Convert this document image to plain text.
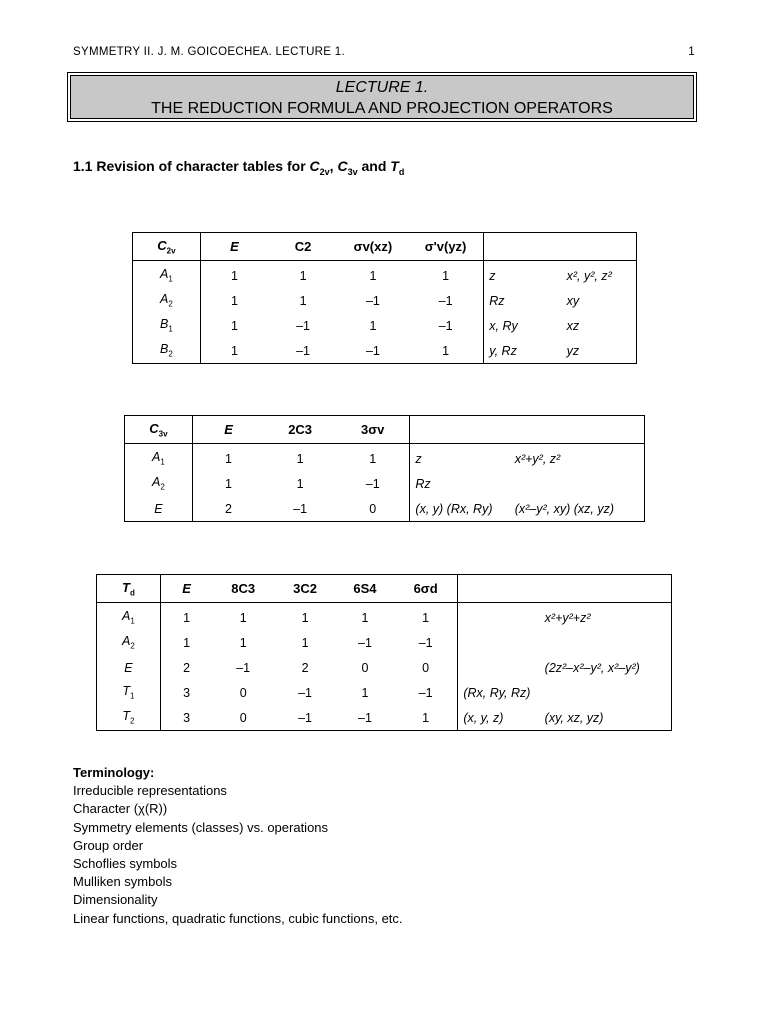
SYMMETRY II. J. M. GOICOECHEA. LECTURE 1.	1
LECTURE 1.
THE REDUCTION FORMULA AND PROJECTION OPERATORS
1.1 Revision of character tables for $C_{2v}$, $C_{3v}$ and $T_d$
$C_{2v}$	E	C2	σv(xz)	σ'v(yz)		
$A_1$	1	1	1	1	z	x², y², z²
$A_2$	1	1	–1	–1	Rz	xy
$B_1$	1	–1	1	–1	x, Ry	xz
$B_2$	1	–1	–1	1	y, Rz	yz
$C_{3v}$	E	2C3	3σv		
$A_1$	1	1	1	z	x²+y², z²
$A_2$	1	1	–1	Rz	
E	2	–1	0	(x, y) (Rx, Ry)	(x²–y², xy) (xz, yz)
$T_d$	E	8C3	3C2	6S4	6σd		
$A_1$	1	1	1	1	1		x²+y²+z²
$A_2$	1	1	1	–1	–1		
E	2	–1	2	0	0		(2z²–x²–y², x²–y²)
$T_1$	3	0	–1	1	–1	(Rx, Ry, Rz)	
$T_2$	3	0	–1	–1	1	(x, y, z)	(xy, xz, yz)
Terminology:
Irreducible representations
Character (χ(R))
Symmetry elements (classes) vs. operations
Group order
Schoflies symbols
Mulliken symbols
Dimensionality
Linear functions, quadratic functions, cubic functions, etc.
